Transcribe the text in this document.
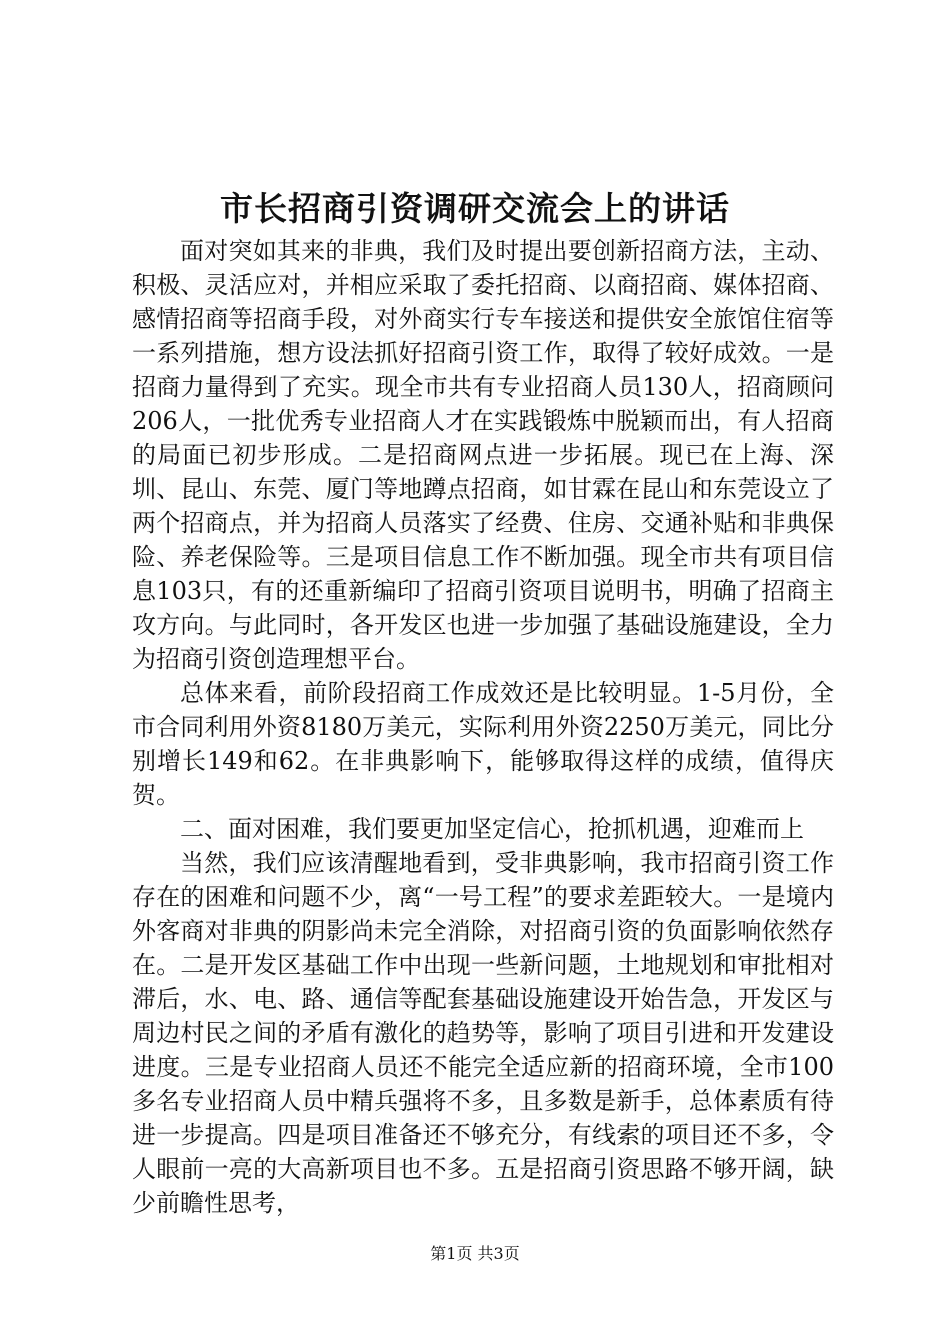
市长招商引资调研交流会上的讲话

面对突如其来的非典，我们及时提出要创新招商方法，主动、积极、灵活应对，并相应采取了委托招商、以商招商、媒体招商、感情招商等招商手段，对外商实行专车接送和提供安全旅馆住宿等一系列措施，想方设法抓好招商引资工作，取得了较好成效。一是招商力量得到了充实。现全市共有专业招商人员130人，招商顾问206人，一批优秀专业招商人才在实践锻炼中脱颖而出，有人招商的局面已初步形成。二是招商网点进一步拓展。现已在上海、深圳、昆山、东莞、厦门等地蹲点招商，如甘霖在昆山和东莞设立了两个招商点，并为招商人员落实了经费、住房、交通补贴和非典保险、养老保险等。三是项目信息工作不断加强。现全市共有项目信息103只，有的还重新编印了招商引资项目说明书，明确了招商主攻方向。与此同时，各开发区也进一步加强了基础设施建设，全力为招商引资创造理想平台。

总体来看，前阶段招商工作成效还是比较明显。1-5月份，全市合同利用外资8180万美元，实际利用外资2250万美元，同比分别增长149和62。在非典影响下，能够取得这样的成绩，值得庆贺。

二、面对困难，我们要更加坚定信心，抢抓机遇，迎难而上

当然，我们应该清醒地看到，受非典影响，我市招商引资工作存在的困难和问题不少，离“一号工程”的要求差距较大。一是境内外客商对非典的阴影尚未完全消除，对招商引资的负面影响依然存在。二是开发区基础工作中出现一些新问题，土地规划和审批相对滞后，水、电、路、通信等配套基础设施建设开始告急，开发区与周边村民之间的矛盾有激化的趋势等，影响了项目引进和开发建设进度。三是专业招商人员还不能完全适应新的招商环境，全市100多名专业招商人员中精兵强将不多，且多数是新手，总体素质有待进一步提高。四是项目准备还不够充分，有线索的项目还不多，令人眼前一亮的大高新项目也不多。五是招商引资思路不够开阔，缺少前瞻性思考，

第1页 共3页
